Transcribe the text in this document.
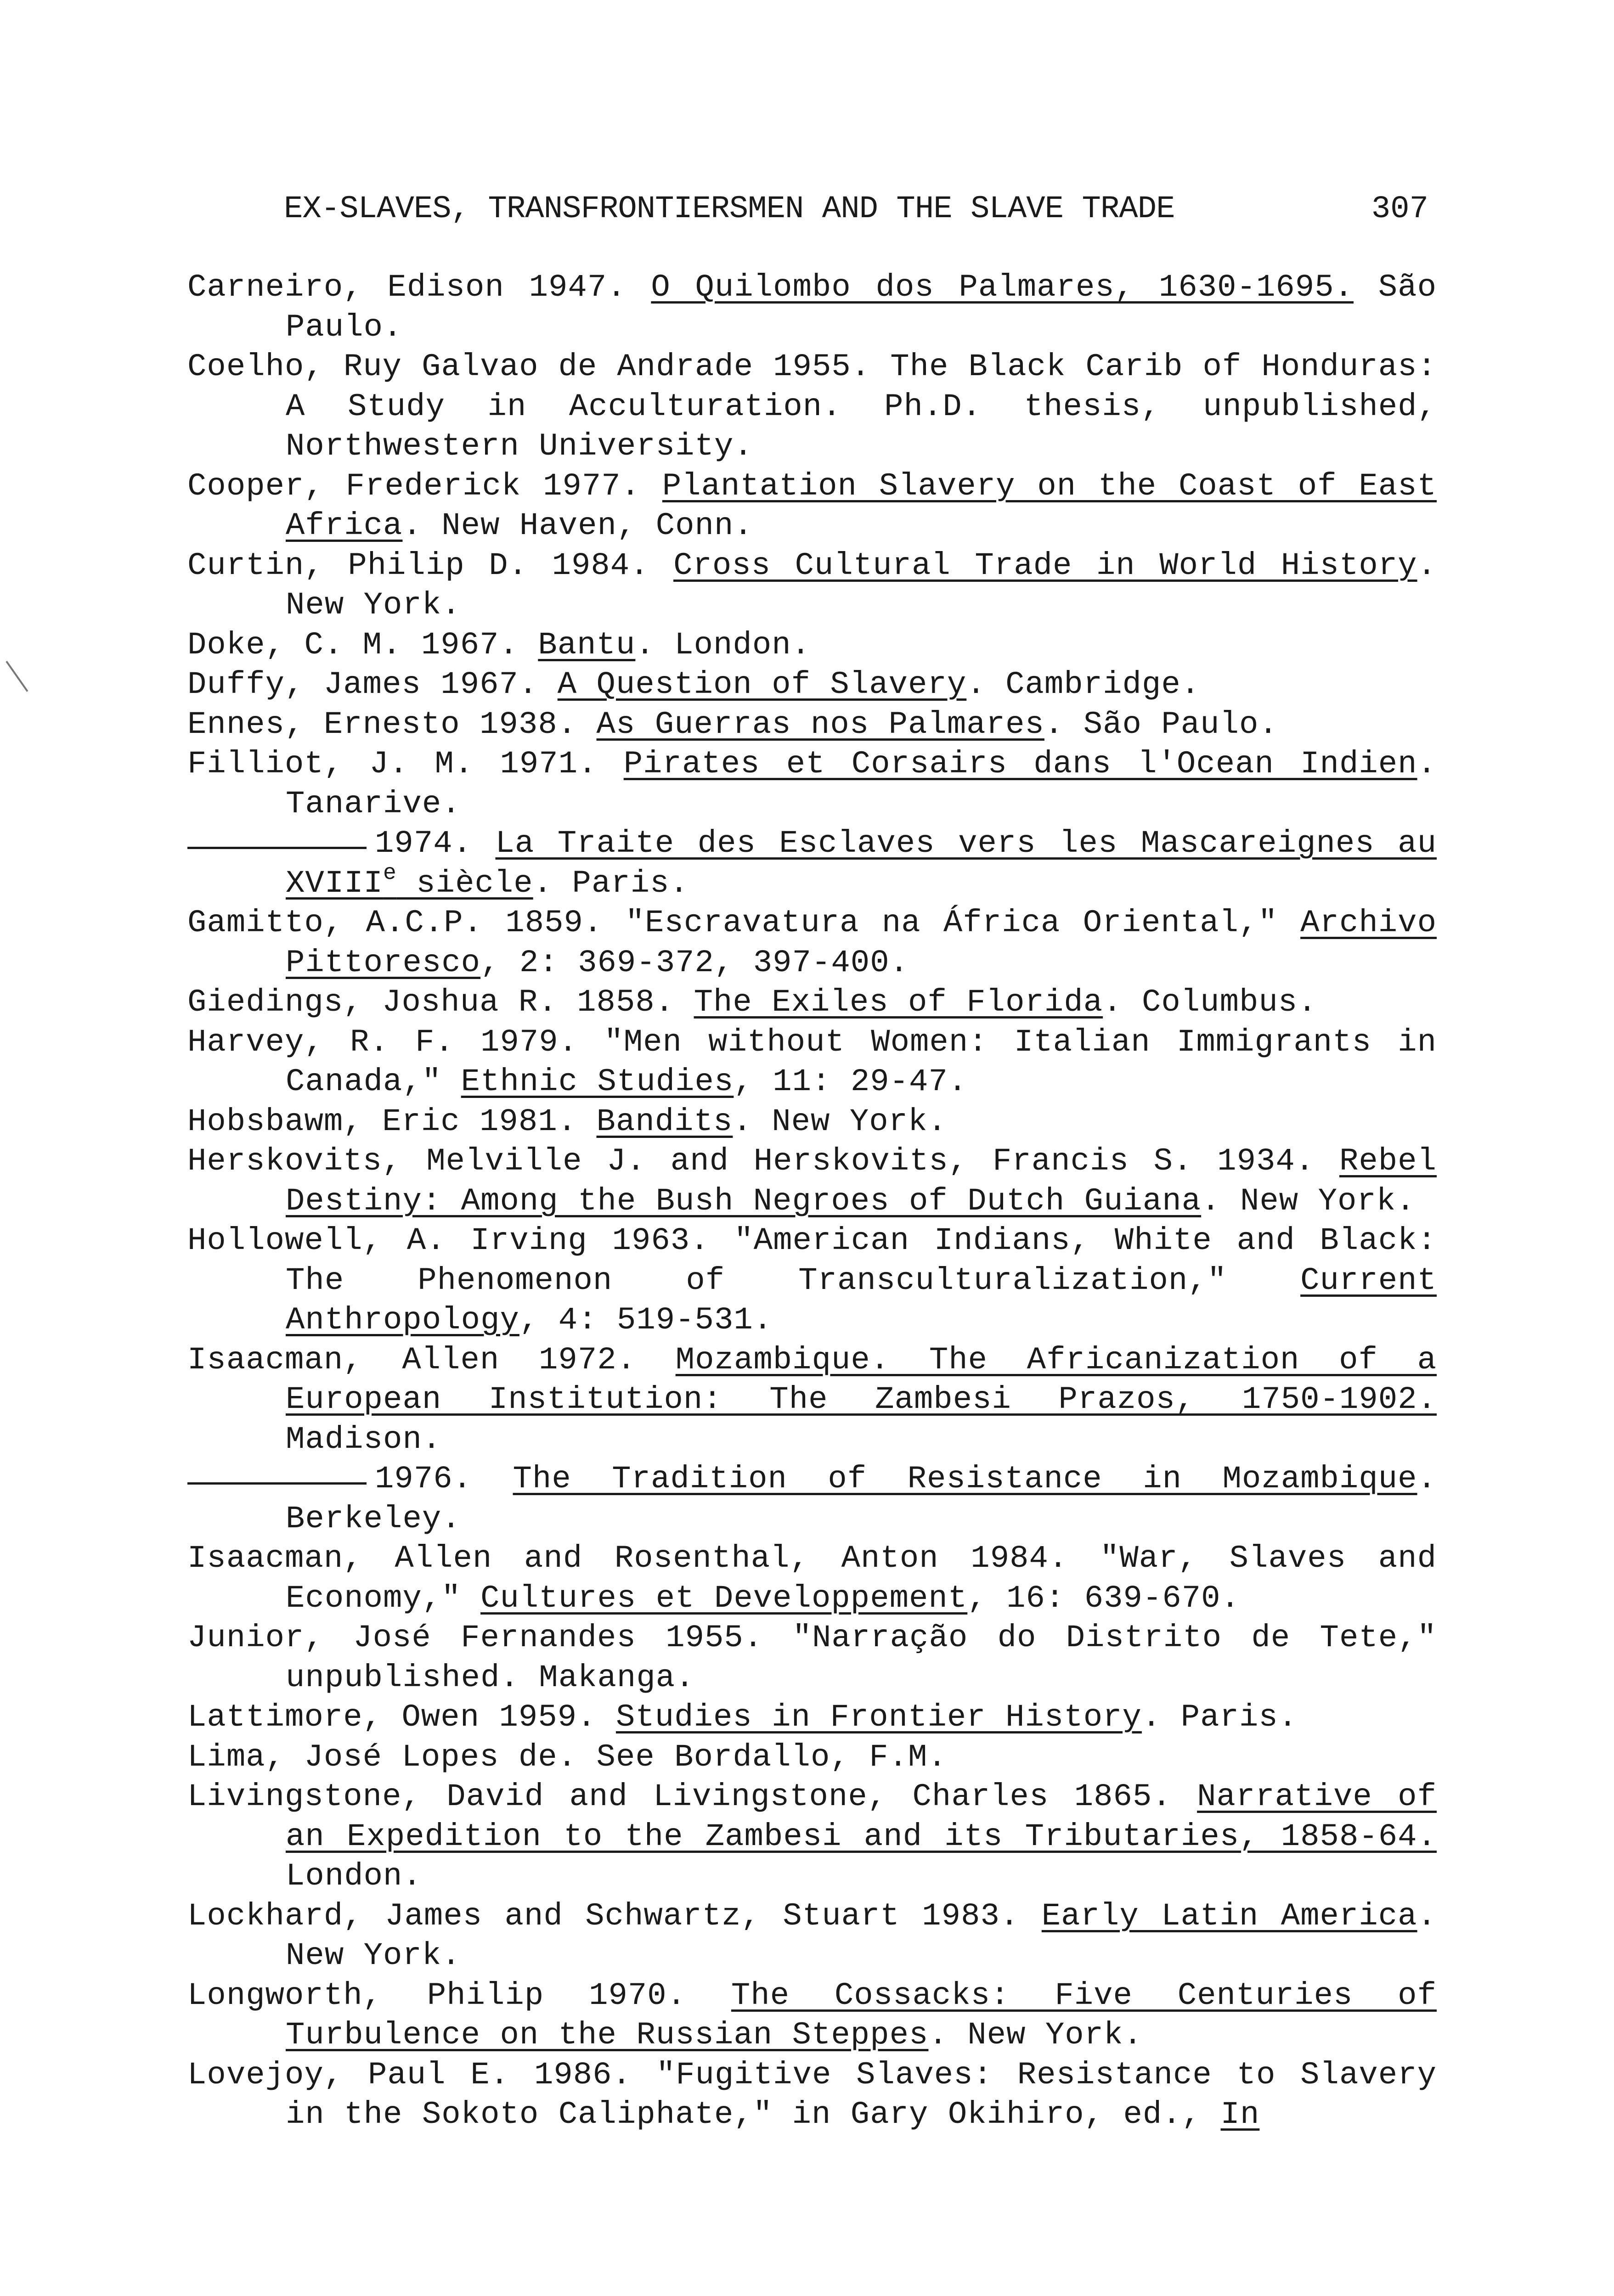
EX-SLAVES, TRANSFRONTIERSMEN AND THE SLAVE TRADE	307
Carneiro, Edison 1947. O Quilombo dos Palmares, 1630-1695. São Paulo.
Coelho, Ruy Galvao de Andrade 1955. The Black Carib of Honduras: A Study in Acculturation. Ph.D. thesis, unpublished, Northwestern University.
Cooper, Frederick 1977. Plantation Slavery on the Coast of East Africa. New Haven, Conn.
Curtin, Philip D. 1984. Cross Cultural Trade in World History. New York.
Doke, C. M. 1967. Bantu. London.
Duffy, James 1967. A Question of Slavery. Cambridge.
Ennes, Ernesto 1938. As Guerras nos Palmares. São Paulo.
Filliot, J. M. 1971. Pirates et Corsairs dans l'Ocean Indien. Tanarive.
1974. La Traite des Esclaves vers les Mascareignes au XVIIIe siècle. Paris.
Gamitto, A.C.P. 1859. "Escravatura na África Oriental," Archivo Pittoresco, 2: 369-372, 397-400.
Giedings, Joshua R. 1858. The Exiles of Florida. Columbus.
Harvey, R. F. 1979. "Men without Women: Italian Immigrants in Canada," Ethnic Studies, 11: 29-47.
Hobsbawm, Eric 1981. Bandits. New York.
Herskovits, Melville J. and Herskovits, Francis S. 1934. Rebel Destiny: Among the Bush Negroes of Dutch Guiana. New York.
Hollowell, A. Irving 1963. "American Indians, White and Black: The Phenomenon of Transculturalization," Current Anthropology, 4: 519-531.
Isaacman, Allen 1972. Mozambique. The Africanization of a European Institution: The Zambesi Prazos, 1750-1902. Madison.
1976. The Tradition of Resistance in Mozambique. Berkeley.
Isaacman, Allen and Rosenthal, Anton 1984. "War, Slaves and Economy," Cultures et Developpement, 16: 639-670.
Junior, José Fernandes 1955. "Narração do Distrito de Tete," unpublished. Makanga.
Lattimore, Owen 1959. Studies in Frontier History. Paris.
Lima, José Lopes de. See Bordallo, F.M.
Livingstone, David and Livingstone, Charles 1865. Narrative of an Expedition to the Zambesi and its Tributaries, 1858-64. London.
Lockhard, James and Schwartz, Stuart 1983. Early Latin America. New York.
Longworth, Philip 1970. The Cossacks: Five Centuries of Turbulence on the Russian Steppes. New York.
Lovejoy, Paul E. 1986. "Fugitive Slaves: Resistance to Slavery in the Sokoto Caliphate," in Gary Okihiro, ed., In
